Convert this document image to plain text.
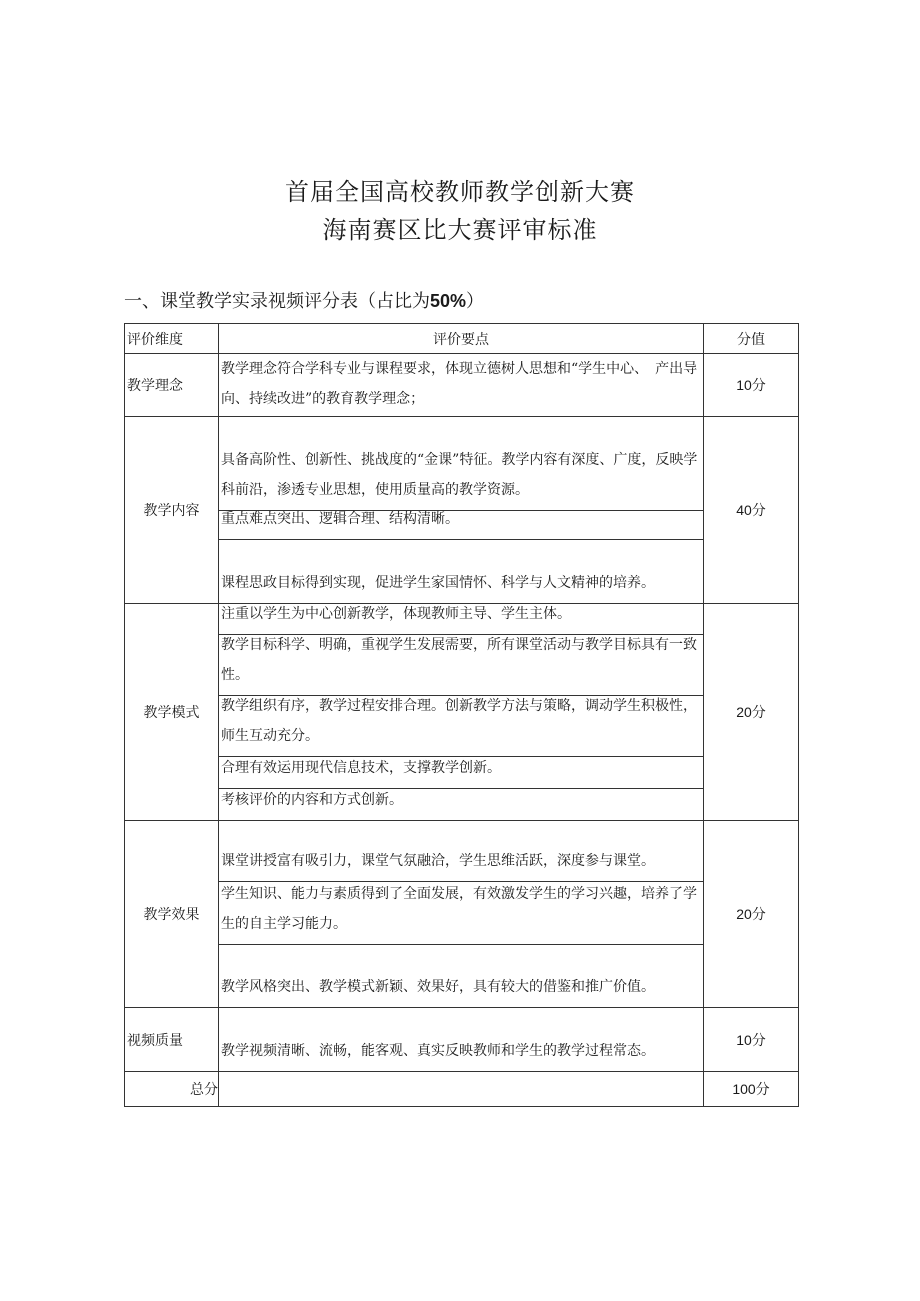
首届全国高校教师教学创新大赛
海南赛区比大赛评审标准
一、课堂教学实录视频评分表（占比为50%）
评价维度	评价要点	分值
教学理念	教学理念符合学科专业与课程要求，体现立德树人思想和“学生中心、　产出导向、持续改进”的教育教学理念；	10分
教学内容	具备高阶性、创新性、挑战度的“金课”特征。教学内容有深度、广度，反映学科前沿，渗透专业思想，使用质量高的教学资源。
重点难点突出、逻辑合理、结构清晰。
课程思政目标得到实现，促进学生家国情怀、科学与人文精神的培养。	40分
教学模式	注重以学生为中心创新教学，体现教师主导、学生主体。
教学目标科学、明确，重视学生发展需要，所有课堂活动与教学目标具有一致性。
教学组织有序，教学过程安排合理。创新教学方法与策略，调动学生积极性，师生互动充分。
合理有效运用现代信息技术，支撑教学创新。
考核评价的内容和方式创新。	20分
教学效果	课堂讲授富有吸引力，课堂气氛融洽，学生思维活跃，深度参与课堂。
学生知识、能力与素质得到了全面发展，有效激发学生的学习兴趣，培养了学生的自主学习能力。
教学风格突出、教学模式新颖、效果好，具有较大的借鉴和推广价值。	20分
视频质量	教学视频清晰、流畅，能客观、真实反映教师和学生的教学过程常态。	10分
总分		100分
